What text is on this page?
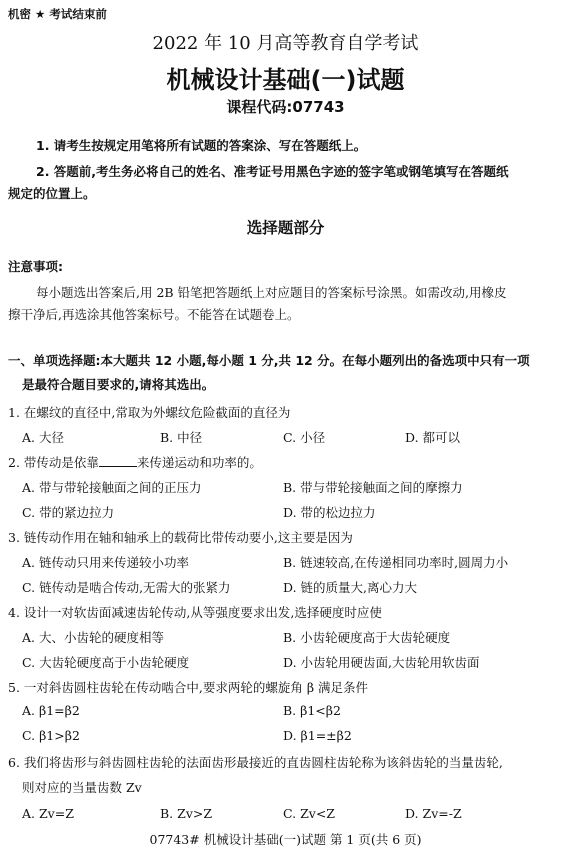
机密 ★ 考试结束前
2022 年 10 月高等教育自学考试
机械设计基础(一)试题
课程代码:07743
1. 请考生按规定用笔将所有试题的答案涂、写在答题纸上。
2. 答题前,考生务必将自己的姓名、准考证号用黑色字迹的签字笔或钢笔填写在答题纸
规定的位置上。
选择题部分
注意事项:
每小题选出答案后,用 2B 铅笔把答题纸上对应题目的答案标号涂黑。如需改动,用橡皮
擦干净后,再选涂其他答案标号。不能答在试题卷上。
一、单项选择题:本大题共 12 小题,每小题 1 分,共 12 分。在每小题列出的备选项中只有一项
是最符合题目要求的,请将其选出。
1. 在螺纹的直径中,常取为外螺纹危险截面的直径为
A. 大径	B. 中径	C. 小径	D. 都可以
2. 带传动是依靠	来传递运动和功率的。
A. 带与带轮接触面之间的正压力	B. 带与带轮接触面之间的摩擦力
C. 带的紧边拉力	D. 带的松边拉力
3. 链传动作用在轴和轴承上的载荷比带传动要小,这主要是因为
A. 链传动只用来传递较小功率	B. 链速较高,在传递相同功率时,圆周力小
C. 链传动是啮合传动,无需大的张紧力	D. 链的质量大,离心力大
4. 设计一对软齿面减速齿轮传动,从等强度要求出发,选择硬度时应使
A. 大、小齿轮的硬度相等	B. 小齿轮硬度高于大齿轮硬度
C. 大齿轮硬度高于小齿轮硬度	D. 小齿轮用硬齿面,大齿轮用软齿面
5. 一对斜齿圆柱齿轮在传动啮合中,要求两轮的螺旋角 β 满足条件
A. β1=β2	B. β1<β2
C. β1>β2	D. β1=±β2
6. 我们将齿形与斜齿圆柱齿轮的法面齿形最接近的直齿圆柱齿轮称为该斜齿轮的当量齿轮,
则对应的当量齿数 Zv
A. Zv=Z	B. Zv>Z	C. Zv<Z	D. Zv=-Z
07743# 机械设计基础(一)试题 第 1 页(共 6 页)
